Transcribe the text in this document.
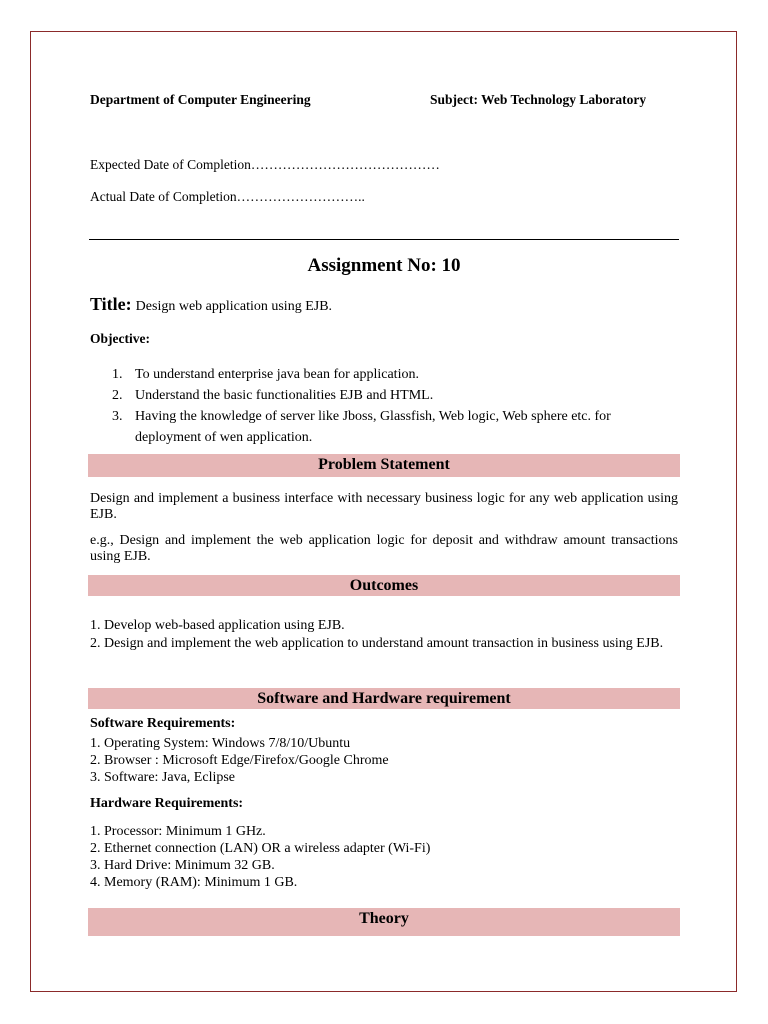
Department of Computer Engineering	Subject: Web Technology Laboratory
Expected Date of Completion……………………………………
Actual Date of Completion………………………..
Assignment No: 10
Title: Design web application using EJB.
Objective:
1. To understand enterprise java bean for application.
2. Understand the basic functionalities EJB and HTML.
3. Having the knowledge of server like Jboss, Glassfish, Web logic, Web sphere etc. for deployment of wen application.
Problem Statement

Design and implement a business interface with necessary business logic for any web application using EJB.

e.g., Design and implement the web application logic for deposit and withdraw amount transactions using EJB.

Outcomes

1. Develop web-based application using EJB.

2. Design and implement the web application to understand amount transaction in business using EJB.

Software and Hardware requirement
Software Requirements:
1. Operating System: Windows 7/8/10/Ubuntu
2. Browser : Microsoft Edge/Firefox/Google Chrome
3. Software: Java, Eclipse
Hardware Requirements:
1. Processor: Minimum 1 GHz.
2. Ethernet connection (LAN) OR a wireless adapter (Wi-Fi)
3. Hard Drive: Minimum 32 GB.
4. Memory (RAM): Minimum 1 GB.
Theory
